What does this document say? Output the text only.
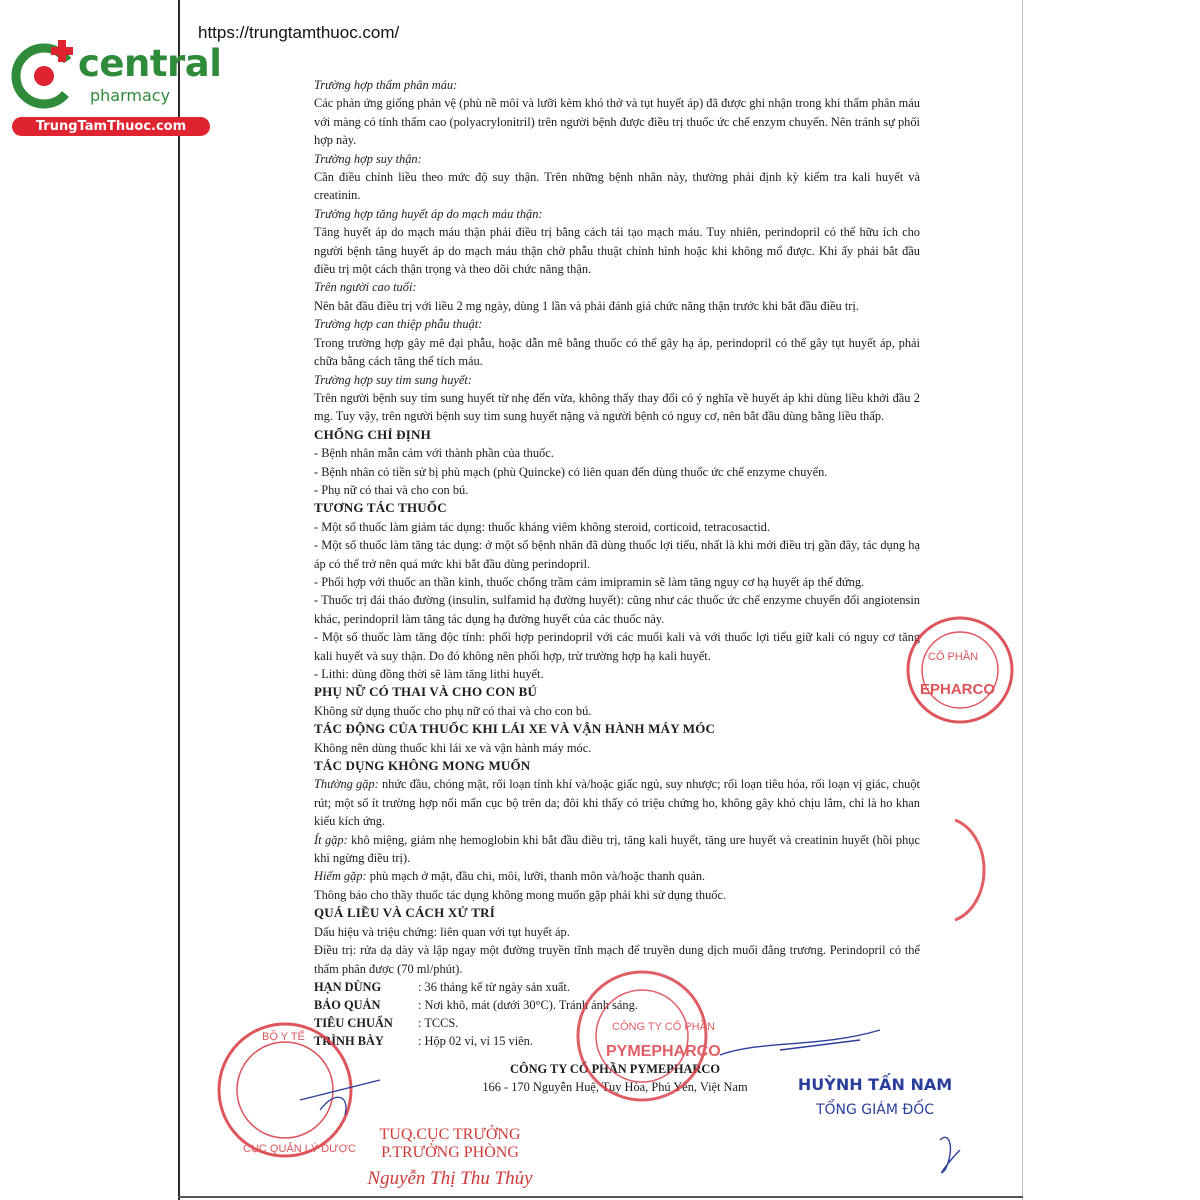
https://trungtamthuoc.com/
central
pharmacy
TrungTamThuoc.com

Trường hợp thẩm phân máu:

Các phản ứng giống phản vệ (phù nề môi và lưỡi kèm khó thở và tụt huyết áp) đã được ghi nhận trong khi thẩm phân máu với màng có tính thấm cao (polyacrylonitril) trên người bệnh được điều trị thuốc ức chế enzym chuyển. Nên tránh sự phối hợp này.

Trường hợp suy thận:

Cần điều chỉnh liều theo mức độ suy thận. Trên những bệnh nhân này, thường phải định kỳ kiểm tra kali huyết và creatinin.

Trường hợp tăng huyết áp do mạch máu thận:

Tăng huyết áp do mạch máu thận phải điều trị bằng cách tái tạo mạch máu. Tuy nhiên, perindopril có thể hữu ích cho người bệnh tăng huyết áp do mạch máu thận chờ phẫu thuật chỉnh hình hoặc khi không mổ được. Khi ấy phải bắt đầu điều trị một cách thận trọng và theo dõi chức năng thận.

Trên người cao tuổi:

Nên bắt đầu điều trị với liều 2 mg ngày, dùng 1 lần và phải đánh giá chức năng thận trước khi bắt đầu điều trị.

Trường hợp can thiệp phẫu thuật:

Trong trường hợp gây mê đại phẫu, hoặc dẫn mê bằng thuốc có thể gây hạ áp, perindopril có thể gây tụt huyết áp, phải chữa bằng cách tăng thể tích máu.

Trường hợp suy tim sung huyết:

Trên người bệnh suy tim sung huyết từ nhẹ đến vừa, không thấy thay đổi có ý nghĩa về huyết áp khi dùng liều khởi đầu 2 mg. Tuy vậy, trên người bệnh suy tim sung huyết nặng và người bệnh có nguy cơ, nên bắt đầu dùng bằng liều thấp.

CHỐNG CHỈ ĐỊNH

- Bệnh nhân mẫn cảm với thành phần của thuốc.

- Bệnh nhân có tiền sử bị phù mạch (phù Quincke) có liên quan đến dùng thuốc ức chế enzyme chuyển.

- Phụ nữ có thai và cho con bú.

TƯƠNG TÁC THUỐC

- Một số thuốc làm giảm tác dụng: thuốc kháng viêm không steroid, corticoid, tetracosactid.

- Một số thuốc làm tăng tác dụng: ở một số bệnh nhân đã dùng thuốc lợi tiểu, nhất là khi mới điều trị gần đây, tác dụng hạ áp có thể trở nên quá mức khi bắt đầu dùng perindopril.

- Phối hợp với thuốc an thần kinh, thuốc chống trầm cảm imipramin sẽ làm tăng nguy cơ hạ huyết áp thế đứng.

- Thuốc trị đái tháo đường (insulin, sulfamid hạ đường huyết): cũng như các thuốc ức chế enzyme chuyển đổi angiotensin khác, perindopril làm tăng tác dụng hạ đường huyết của các thuốc này.

- Một số thuốc làm tăng độc tính: phối hợp perindopril với các muối kali và với thuốc lợi tiểu giữ kali có nguy cơ tăng kali huyết và suy thận. Do đó không nên phối hợp, trừ trường hợp hạ kali huyết.

- Lithi: dùng đồng thời sẽ làm tăng lithi huyết.

PHỤ NỮ CÓ THAI VÀ CHO CON BÚ

Không sử dụng thuốc cho phụ nữ có thai và cho con bú.

TÁC ĐỘNG CỦA THUỐC KHI LÁI XE VÀ VẬN HÀNH MÁY MÓC

Không nên dùng thuốc khi lái xe và vận hành máy móc.

TÁC DỤNG KHÔNG MONG MUỐN

Thường gặp: nhức đầu, chóng mặt, rối loạn tính khí và/hoặc giấc ngủ, suy nhược; rối loạn tiêu hóa, rối loạn vị giác, chuột rút; một số ít trường hợp nổi mẩn cục bộ trên da; đôi khi thấy có triệu chứng ho, không gây khó chịu lắm, chỉ là ho khan kiểu kích ứng.

Ít gặp: khô miệng, giảm nhẹ hemoglobin khi bắt đầu điều trị, tăng kali huyết, tăng ure huyết và creatinin huyết (hồi phục khi ngừng điều trị).

Hiếm gặp: phù mạch ở mặt, đầu chi, môi, lưỡi, thanh môn và/hoặc thanh quản.

Thông báo cho thầy thuốc tác dụng không mong muốn gặp phải khi sử dụng thuốc.

QUÁ LIỀU VÀ CÁCH XỬ TRÍ

Dấu hiệu và triệu chứng: liên quan với tụt huyết áp.

Điều trị: rửa dạ dày và lập ngay một đường truyền tĩnh mạch để truyền dung dịch muối đẳng trương. Perindopril có thể thẩm phân được (70 ml/phút).

HẠN DÙNG	: 36 tháng kể từ ngày sản xuất.
BẢO QUẢN	: Nơi khô, mát (dưới 30°C). Tránh ánh sáng.
TIÊU CHUẨN	: TCCS.
TRÌNH BÀY	: Hộp 02 vỉ, vỉ 15 viên.
CÔNG TY CỔ PHẦN PYMEPHARCO
166 - 170 Nguyễn Huệ, Tuy Hòa, Phú Yên, Việt Nam	HUỲNH TẤN NAM
TỔNG GIÁM ĐỐC
TUQ.CỤC TRƯỞNG
P.TRƯỞNG PHÒNG
Nguyễn Thị Thu Thủy
CỔ PHẦN
EPHARCO
CÔNG TY CỔ PHẦN
PYMEPHARCO
BỘ Y TẾ
CỤC QUẢN LÝ DƯỢC
